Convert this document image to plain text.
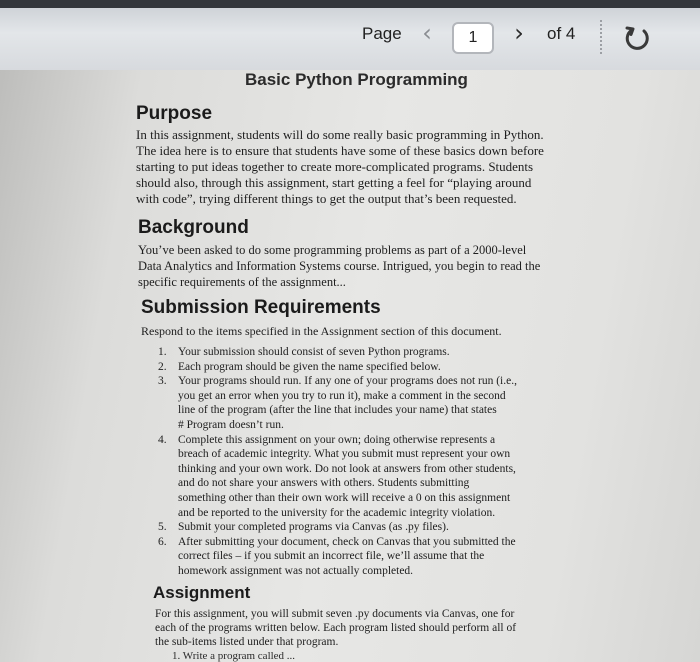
Page ‹	1	›	of 4
Basic Python Programming
Purpose
In this assignment, students will do some really basic programming in Python.
The idea here is to ensure that students have some of these basics down before
starting to put ideas together to create more-complicated programs. Students
should also, through this assignment, start getting a feel for “playing around
with code”, trying different things to get the output that’s been requested.
Background
You’ve been asked to do some programming problems as part of a 2000-level
Data Analytics and Information Systems course. Intrigued, you begin to read the
specific requirements of the assignment...
Submission Requirements
Respond to the items specified in the Assignment section of this document.
1. Your submission should consist of seven Python programs.
2. Each program should be given the name specified below.
3. Your programs should run. If any one of your programs does not run (i.e.,
you get an error when you try to run it), make a comment in the second
line of the program (after the line that includes your name) that states
# Program doesn’t run.
4. Complete this assignment on your own; doing otherwise represents a
breach of academic integrity. What you submit must represent your own
thinking and your own work. Do not look at answers from other students,
and do not share your answers with others. Students submitting
something other than their own work will receive a 0 on this assignment
and be reported to the university for the academic integrity violation.
5. Submit your completed programs via Canvas (as .py files).
6. After submitting your document, check on Canvas that you submitted the
correct files – if you submit an incorrect file, we’ll assume that the
homework assignment was not actually completed.
Assignment
For this assignment, you will submit seven .py documents via Canvas, one for
each of the programs written below. Each program listed should perform all of
the sub-items listed under that program.
1. Write a program called ...
